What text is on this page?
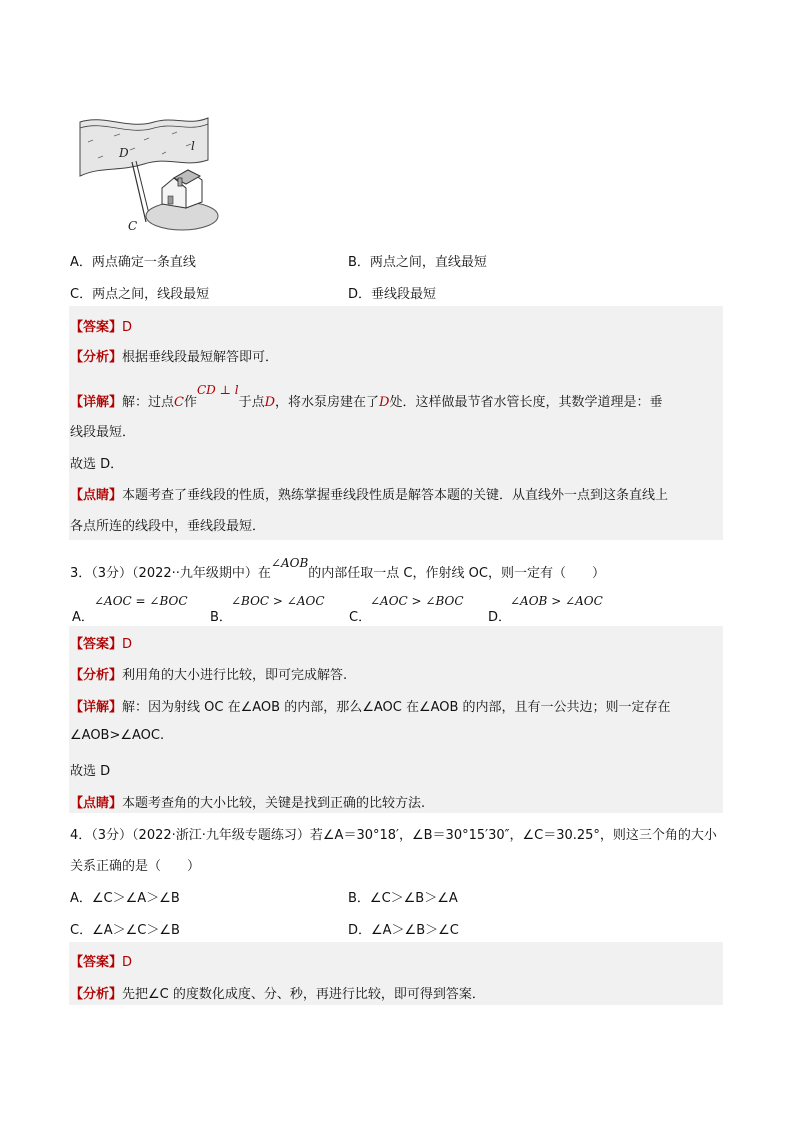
D	l
C
A．两点确定一条直线	B．两点之间，直线最短
C．两点之间，线段最短	D．垂线段最短
【答案】D
【分析】根据垂线段最短解答即可．
【详解】解：过点C作CD ⊥ l于点D，将水泵房建在了D处．这样做最节省水管长度，其数学道理是：垂
线段最短．
故选 D．
【点睛】本题考查了垂线段的性质，熟练掌握垂线段性质是解答本题的关键．从直线外一点到这条直线上
各点所连的线段中，垂线段最短．
3．（3分）（2022··九年级期中）在∠AOB的内部任取一点 C，作射线 OC，则一定有（　　）
∠AOC = ∠BOC
A．
∠BOC > ∠AOC
B．
∠AOC > ∠BOC
C．
∠AOB > ∠AOC
D．
【答案】D
【分析】利用角的大小进行比较，即可完成解答.
【详解】解：因为射线 OC 在∠AOB 的内部，那么∠AOC 在∠AOB 的内部，且有一公共边；则一定存在
∠AOB>∠AOC.
故选 D
【点睛】本题考查角的大小比较，关键是找到正确的比较方法.
4．（3分）（2022·浙江·九年级专题练习）若∠A＝30°18′，∠B＝30°15′30″，∠C＝30.25°，则这三个角的大小
关系正确的是（　　）
A．∠C＞∠A＞∠B	B．∠C＞∠B＞∠A
C．∠A＞∠C＞∠B	D．∠A＞∠B＞∠C
【答案】D
【分析】先把∠C 的度数化成度、分、秒，再进行比较，即可得到答案．
